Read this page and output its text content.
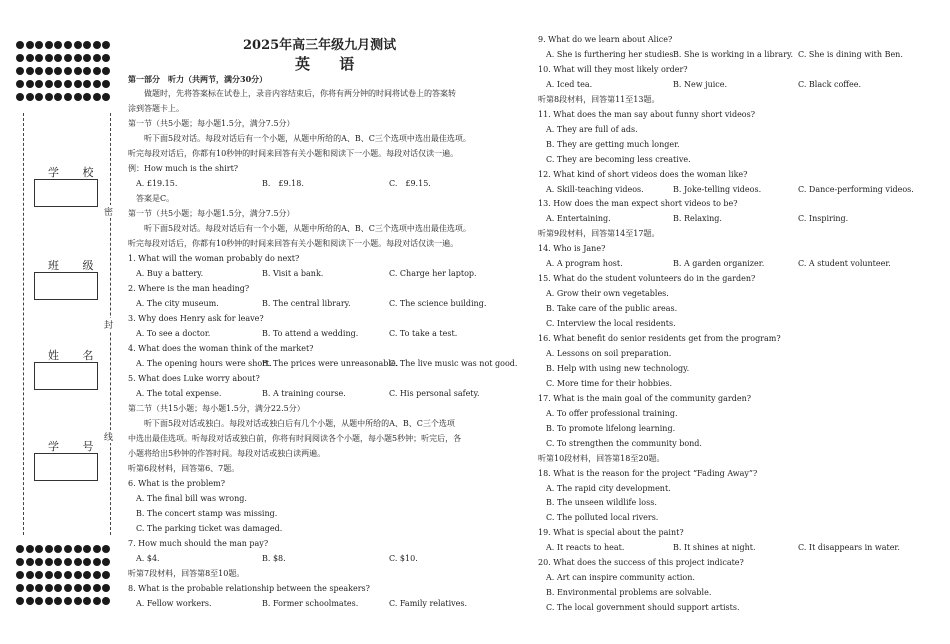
学 校
班 级
姓 名
学 号
密
封
线
2025年高三年级九月测试
英 语
第一部分　听力（共两节，满分30分）
　　做题时，先将答案标在试卷上，录音内容结束后，你将有两分钟的时间将试卷上的答案转
涂到答题卡上。
第一节（共5小题；每小题1.5分，满分7.5分）
　　听下面5段对话。每段对话后有一个小题，从题中所给的A、B、C三个选项中选出最佳选项。
听完每段对话后，你都有10秒钟的时间来回答有关小题和阅读下一小题。每段对话仅读一遍。
例：How much is the shirt?
　A. £19.15.	B.　£9.18.	C.　£9.15.
　答案是C。
第一节（共5小题；每小题1.5分，满分7.5分）
　　听下面5段对话。每段对话后有一个小题，从题中所给的A、B、C三个选项中选出最佳选项。
听完每段对话后，你都有10秒钟的时间来回答有关小题和阅读下一小题。每段对话仅读一遍。
1. What will the woman probably do next?
　A. Buy a battery.	B. Visit a bank.	C. Charge her laptop.
2. Where is the man heading?
　A. The city museum.	B. The central library.	C. The science building.
3. Why does Henry ask for leave?
　A. To see a doctor.	B. To attend a wedding.	C. To take a test.
4. What does the woman think of the market?
　A. The opening hours were short.
B. The prices were unreasonable.
C. The live music was not good.
5. What does Luke worry about?
　A. The total expense.	B. A training course.	C. His personal safety.
第二节（共15小题；每小题1.5分，满分22.5分）
　　听下面5段对话或独白。每段对话或独白后有几个小题，从题中所给的A、B、C三个选项
中选出最佳选项。听每段对话或独白前，你将有时间阅读各个小题，每小题5秒钟；听完后，各
小题将给出5秒钟的作答时间。每段对话或独白读两遍。
听第6段材料，回答第6、7题。
6. What is the problem?
　A. The final bill was wrong.
　B. The concert stamp was missing.
　C. The parking ticket was damaged.
7. How much should the man pay?
　A. $4.	B. $8.	C. $10.
听第7段材料，回答第8至10题。
8. What is the probable relationship between the speakers?
　A. Fellow workers.	B. Former schoolmates.	C. Family relatives.
9. What do we learn about Alice?
　A. She is furthering her studies.
B. She is working in a library. C. She is dining with Ben.
10. What will they most likely order?
　A. Iced tea.	B. New juice.	C. Black coffee.
听第8段材料，回答第11至13题。
11. What does the man say about funny short videos?
　A. They are full of ads.
　B. They are getting much longer.
　C. They are becoming less creative.
12. What kind of short videos does the woman like?
　A. Skill-teaching videos.	B. Joke-telling videos.	C. Dance-performing videos.
13. How does the man expect short videos to be?
　A. Entertaining.	B. Relaxing.	C. Inspiring.
听第9段材料，回答第14至17题。
14. Who is Jane?
　A. A program host.	B. A garden organizer.	C. A student volunteer.
15. What do the student volunteers do in the garden?
　A. Grow their own vegetables.
　B. Take care of the public areas.
　C. Interview the local residents.
16. What benefit do senior residents get from the program?
　A. Lessons on soil preparation.
　B. Help with using new technology.
　C. More time for their hobbies.
17. What is the main goal of the community garden?
　A. To offer professional training.
　B. To promote lifelong learning.
　C. To strengthen the community bond.
听第10段材料，回答第18至20题。
18. What is the reason for the project “Fading Away”?
　A. The rapid city development.
　B. The unseen wildlife loss.
　C. The polluted local rivers.
19. What is special about the paint?
　A. It reacts to heat.	B. It shines at night.	C. It disappears in water.
20. What does the success of this project indicate?
　A. Art can inspire community action.
　B. Environmental problems are solvable.
　C. The local government should support artists.
